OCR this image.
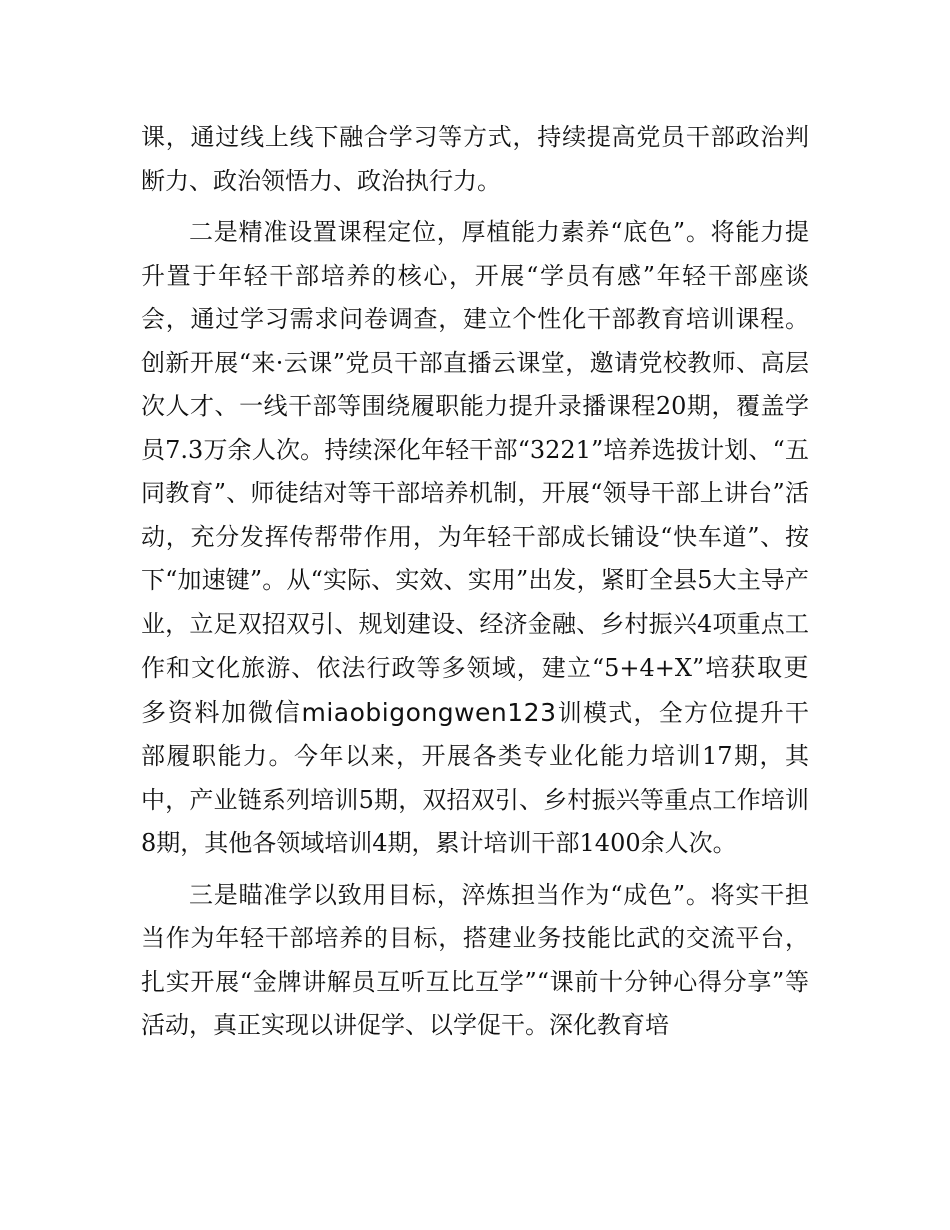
课，通过线上线下融合学习等方式，持续提高党员干部政治判断力、政治领悟力、政治执行力。

二是精准设置课程定位，厚植能力素养“底色”。将能力提升置于年轻干部培养的核心，开展“学员有感”年轻干部座谈会，通过学习需求问卷调查，建立个性化干部教育培训课程。创新开展“来·云课”党员干部直播云课堂，邀请党校教师、高层次人才、一线干部等围绕履职能力提升录播课程20期，覆盖学员7.3万余人次。持续深化年轻干部“3221”培养选拔计划、“五同教育”、师徒结对等干部培养机制，开展“领导干部上讲台”活动，充分发挥传帮带作用，为年轻干部成长铺设“快车道”、按下“加速键”。从“实际、实效、实用”出发，紧盯全县5大主导产业，立足双招双引、规划建设、经济金融、乡村振兴4项重点工作和文化旅游、依法行政等多领域，建立“5+4+X”培获取更多资料加微信miaobigongwen123训模式，全方位提升干部履职能力。今年以来，开展各类专业化能力培训17期，其中，产业链系列培训5期，双招双引、乡村振兴等重点工作培训8期，其他各领域培训4期，累计培训干部1400余人次。

三是瞄准学以致用目标，淬炼担当作为“成色”。将实干担当作为年轻干部培养的目标，搭建业务技能比武的交流平台，扎实开展“金牌讲解员互听互比互学”“课前十分钟心得分享”等活动，真正实现以讲促学、以学促干。深化教育培
